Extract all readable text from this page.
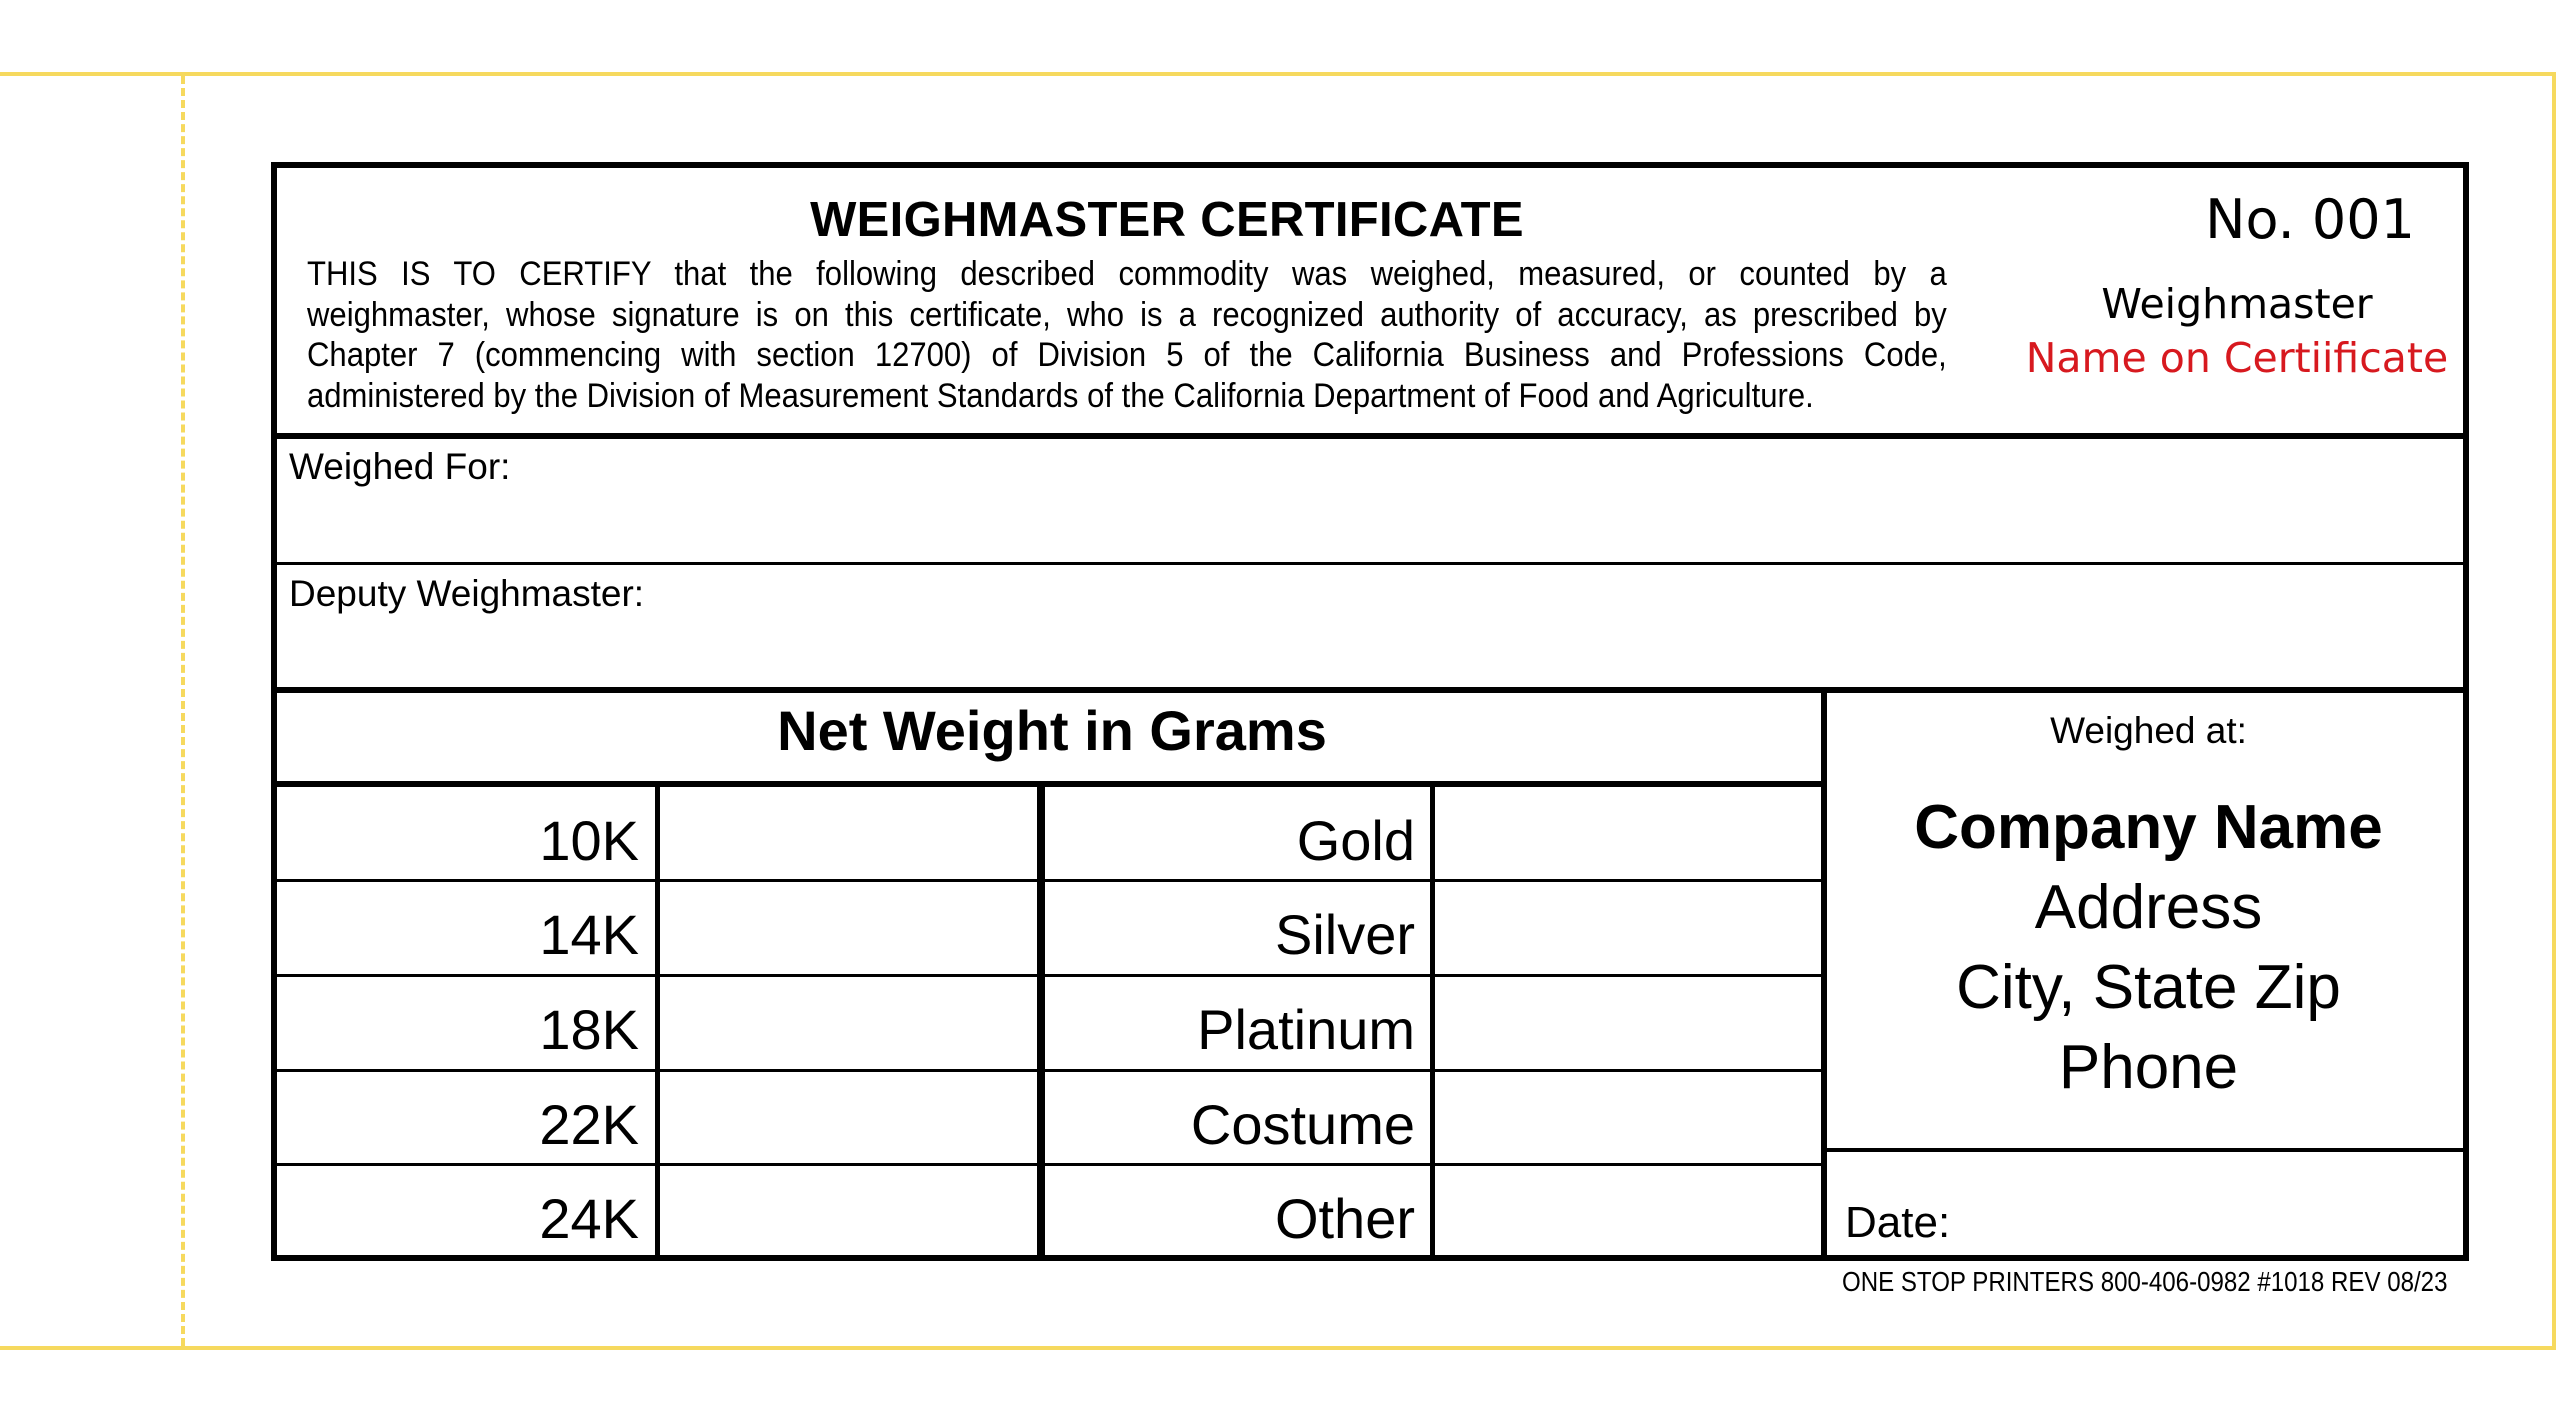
WEIGHMASTER CERTIFICATE
THIS IS TO CERTIFY that the following described commodity was weighed, measured, or counted by a
weighmaster, whose signature is on this certificate, who is a recognized authority of accuracy, as prescribed by
Chapter 7 (commencing with section 12700) of Division 5 of the California Business and Professions Code,
administered by the Division of Measurement Standards of the California Department of Food and Agriculture.
No. 001
Weighmaster
Name on Certiificate
Weighed For:
Deputy Weighmaster:
Net Weight in Grams
10K
14K
18K
22K
24K
Gold
Silver
Platinum
Costume
Other
Weighed at:
Company Name
Address
City, State Zip
Phone
Date:
ONE STOP PRINTERS 800-406-0982 #1018 REV 08/23
